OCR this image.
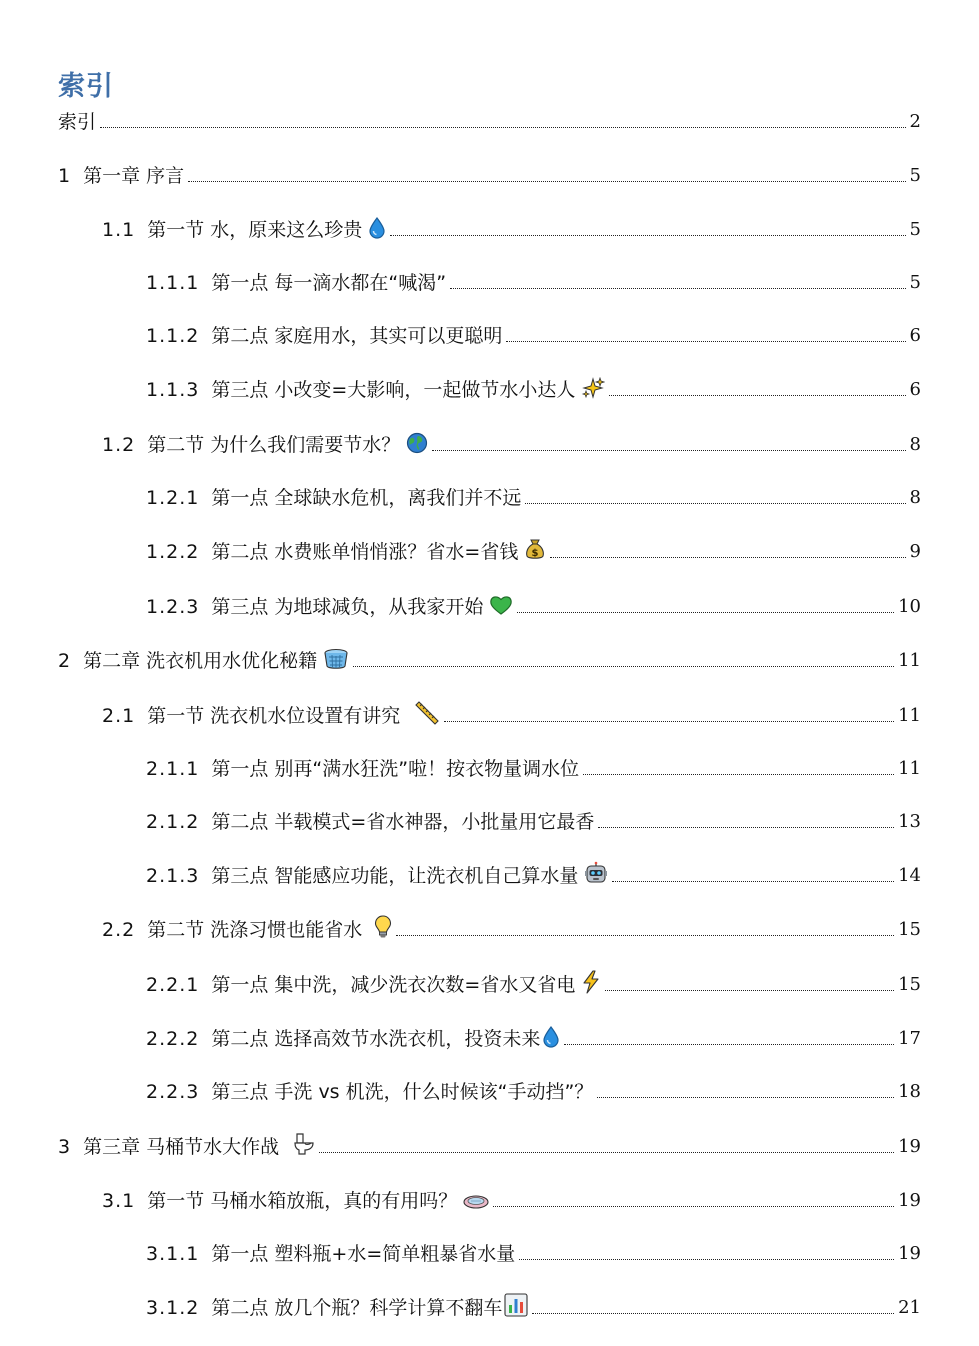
索引
索引	2
1 第一章 序言	5
1.1 第一节 水，原来这么珍贵	5
1.1.1 第一点 每一滴水都在“喊渴”	5
1.1.2 第二点 家庭用水，其实可以更聪明	6
1.1.3 第三点 小改变=大影响，一起做节水小达人	6
1.2 第二节 为什么我们需要节水？	8
1.2.1 第一点 全球缺水危机，离我们并不远	8
1.2.2 第二点 水费账单悄悄涨？省水=省钱 $	9
1.2.3 第三点 为地球减负，从我家开始	10
2 第二章 洗衣机用水优化秘籍	11
2.1 第一节 洗衣机水位设置有讲究	11
2.1.1 第一点 别再“满水狂洗”啦！按衣物量调水位	11
2.1.2 第二点 半载模式=省水神器，小批量用它最香	13
2.1.3 第三点 智能感应功能，让洗衣机自己算水量	14
2.2 第二节 洗涤习惯也能省水	15
2.2.1 第一点 集中洗，减少洗衣次数=省水又省电	15
2.2.2 第二点 选择高效节水洗衣机，投资未来	17
2.2.3 第三点 手洗 vs 机洗，什么时候该“手动挡”？	18
3 第三章 马桶节水大作战	19
3.1 第一节 马桶水箱放瓶，真的有用吗？	19
3.1.1 第一点 塑料瓶+水=简单粗暴省水量	19
3.1.2 第二点 放几个瓶？科学计算不翻车	21
